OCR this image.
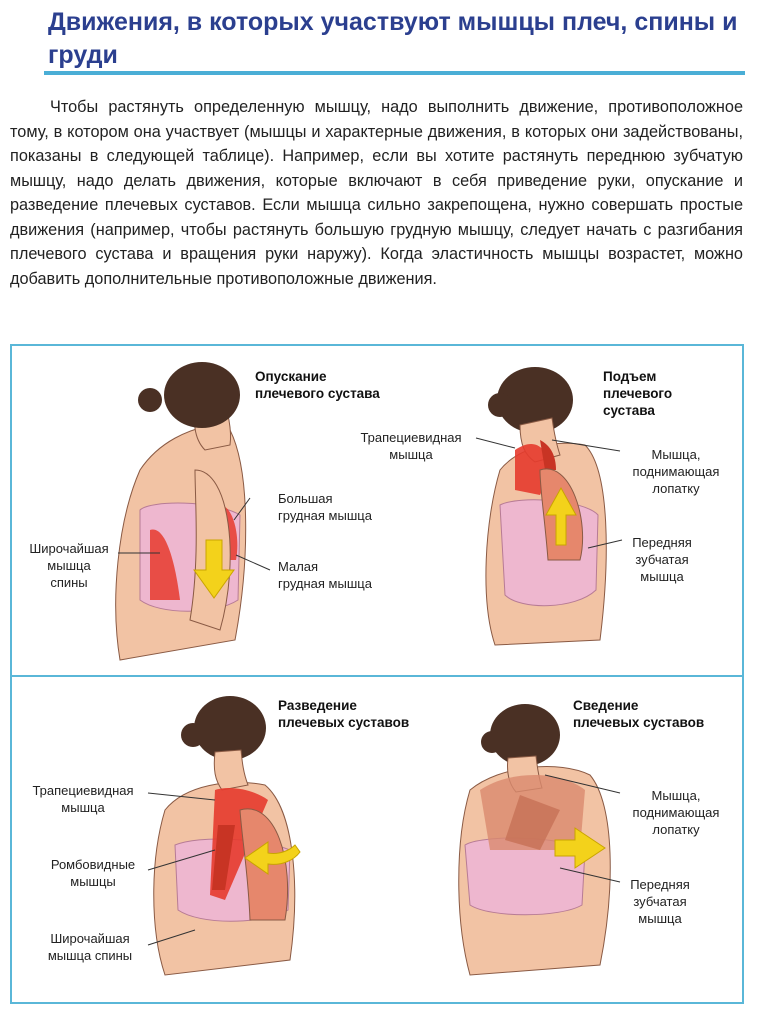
Движения, в которых участвуют мышцы плеч, спины и груди

Чтобы растянуть определенную мышцу, надо выполнить движение, противоположное тому, в котором она участвует (мышцы и характерные движения, в которых они задействованы, показаны в следующей таблице). Например, если вы хотите растянуть переднюю зубчатую мышцу, надо делать движения, которые включают в себя приведение руки, опускание и разведение плечевых суставов. Если мышца сильно закрепощена, нужно совершать простые движения (например, чтобы растянуть большую грудную мышцу, следует начать с разгибания плечевого сустава и вращения руки наружу). Когда эластичность мышцы возрастет, можно добавить дополнительные противоположные движения.

Опускание
плечевого сустава
Большая
грудная мышца
Широчайшая
мышца
спины
Малая
грудная мышца
Подъем
плечевого
сустава
Трапециевидная
мышца	Мышца,
поднимающая
лопатку
Передняя
зубчатая
мышца
Разведение
плечевых суставов
Трапециевидная
мышца
Ромбовидные
мышцы
Широчайшая
мышца спины
Сведение
плечевых суставов
Мышца,
поднимающая
лопатку
Передняя
зубчатая
мышца
